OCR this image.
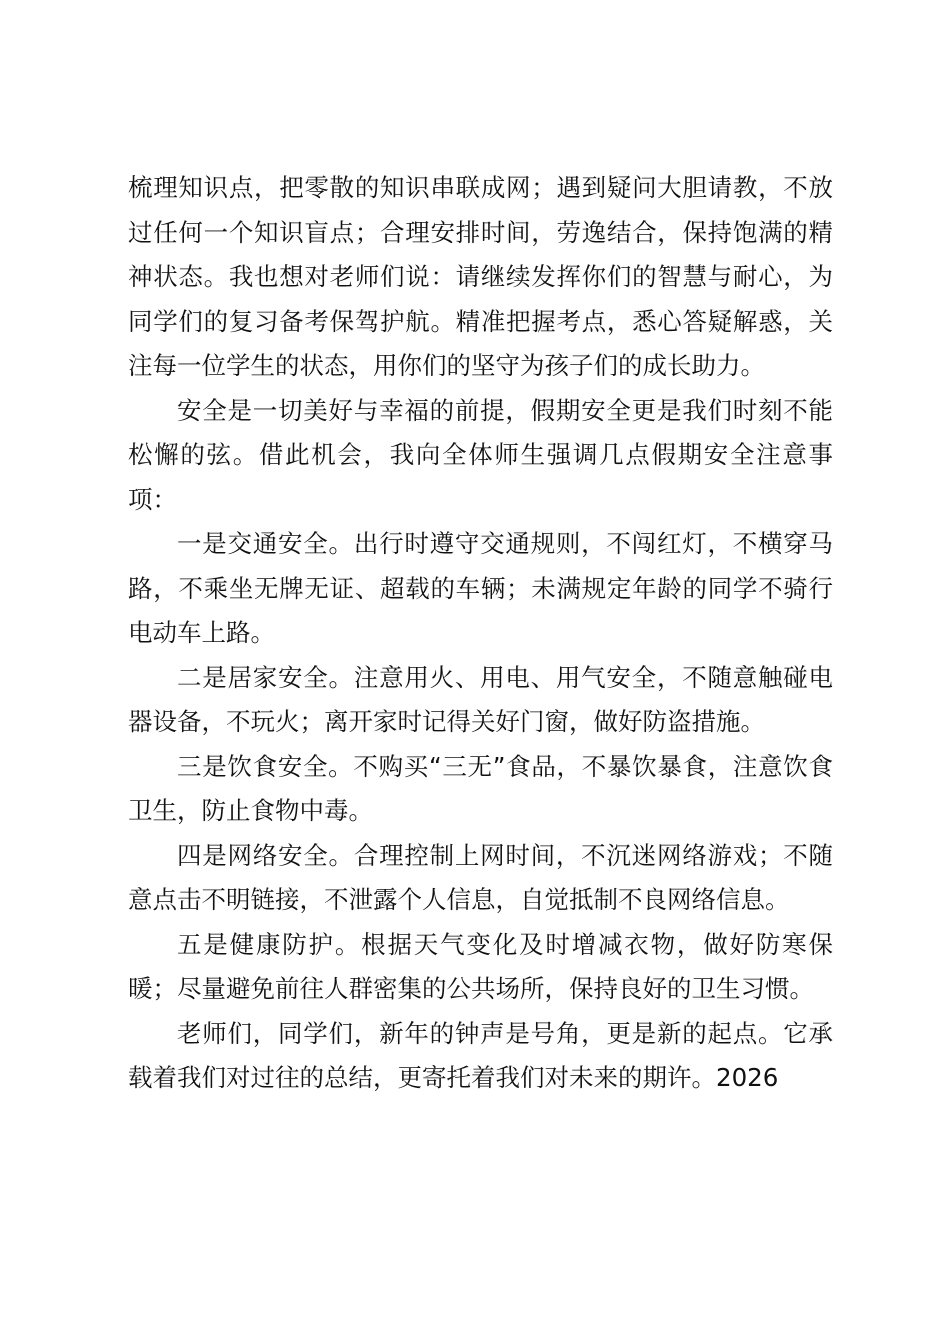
梳理知识点，把零散的知识串联成网；遇到疑问大胆请教，不放过任何一个知识盲点；合理安排时间，劳逸结合，保持饱满的精神状态。我也想对老师们说：请继续发挥你们的智慧与耐心，为同学们的复习备考保驾护航。精准把握考点，悉心答疑解惑，关注每一位学生的状态，用你们的坚守为孩子们的成长助力。

安全是一切美好与幸福的前提，假期安全更是我们时刻不能松懈的弦。借此机会，我向全体师生强调几点假期安全注意事项：

一是交通安全。出行时遵守交通规则，不闯红灯，不横穿马路，不乘坐无牌无证、超载的车辆；未满规定年龄的同学不骑行电动车上路。

二是居家安全。注意用火、用电、用气安全，不随意触碰电器设备，不玩火；离开家时记得关好门窗，做好防盗措施。

三是饮食安全。不购买“三无”食品，不暴饮暴食，注意饮食卫生，防止食物中毒。

四是网络安全。合理控制上网时间，不沉迷网络游戏；不随意点击不明链接，不泄露个人信息，自觉抵制不良网络信息。

五是健康防护。根据天气变化及时增减衣物，做好防寒保暖；尽量避免前往人群密集的公共场所，保持良好的卫生习惯。

老师们，同学们，新年的钟声是号角，更是新的起点。它承载着我们对过往的总结，更寄托着我们对未来的期许。2026
